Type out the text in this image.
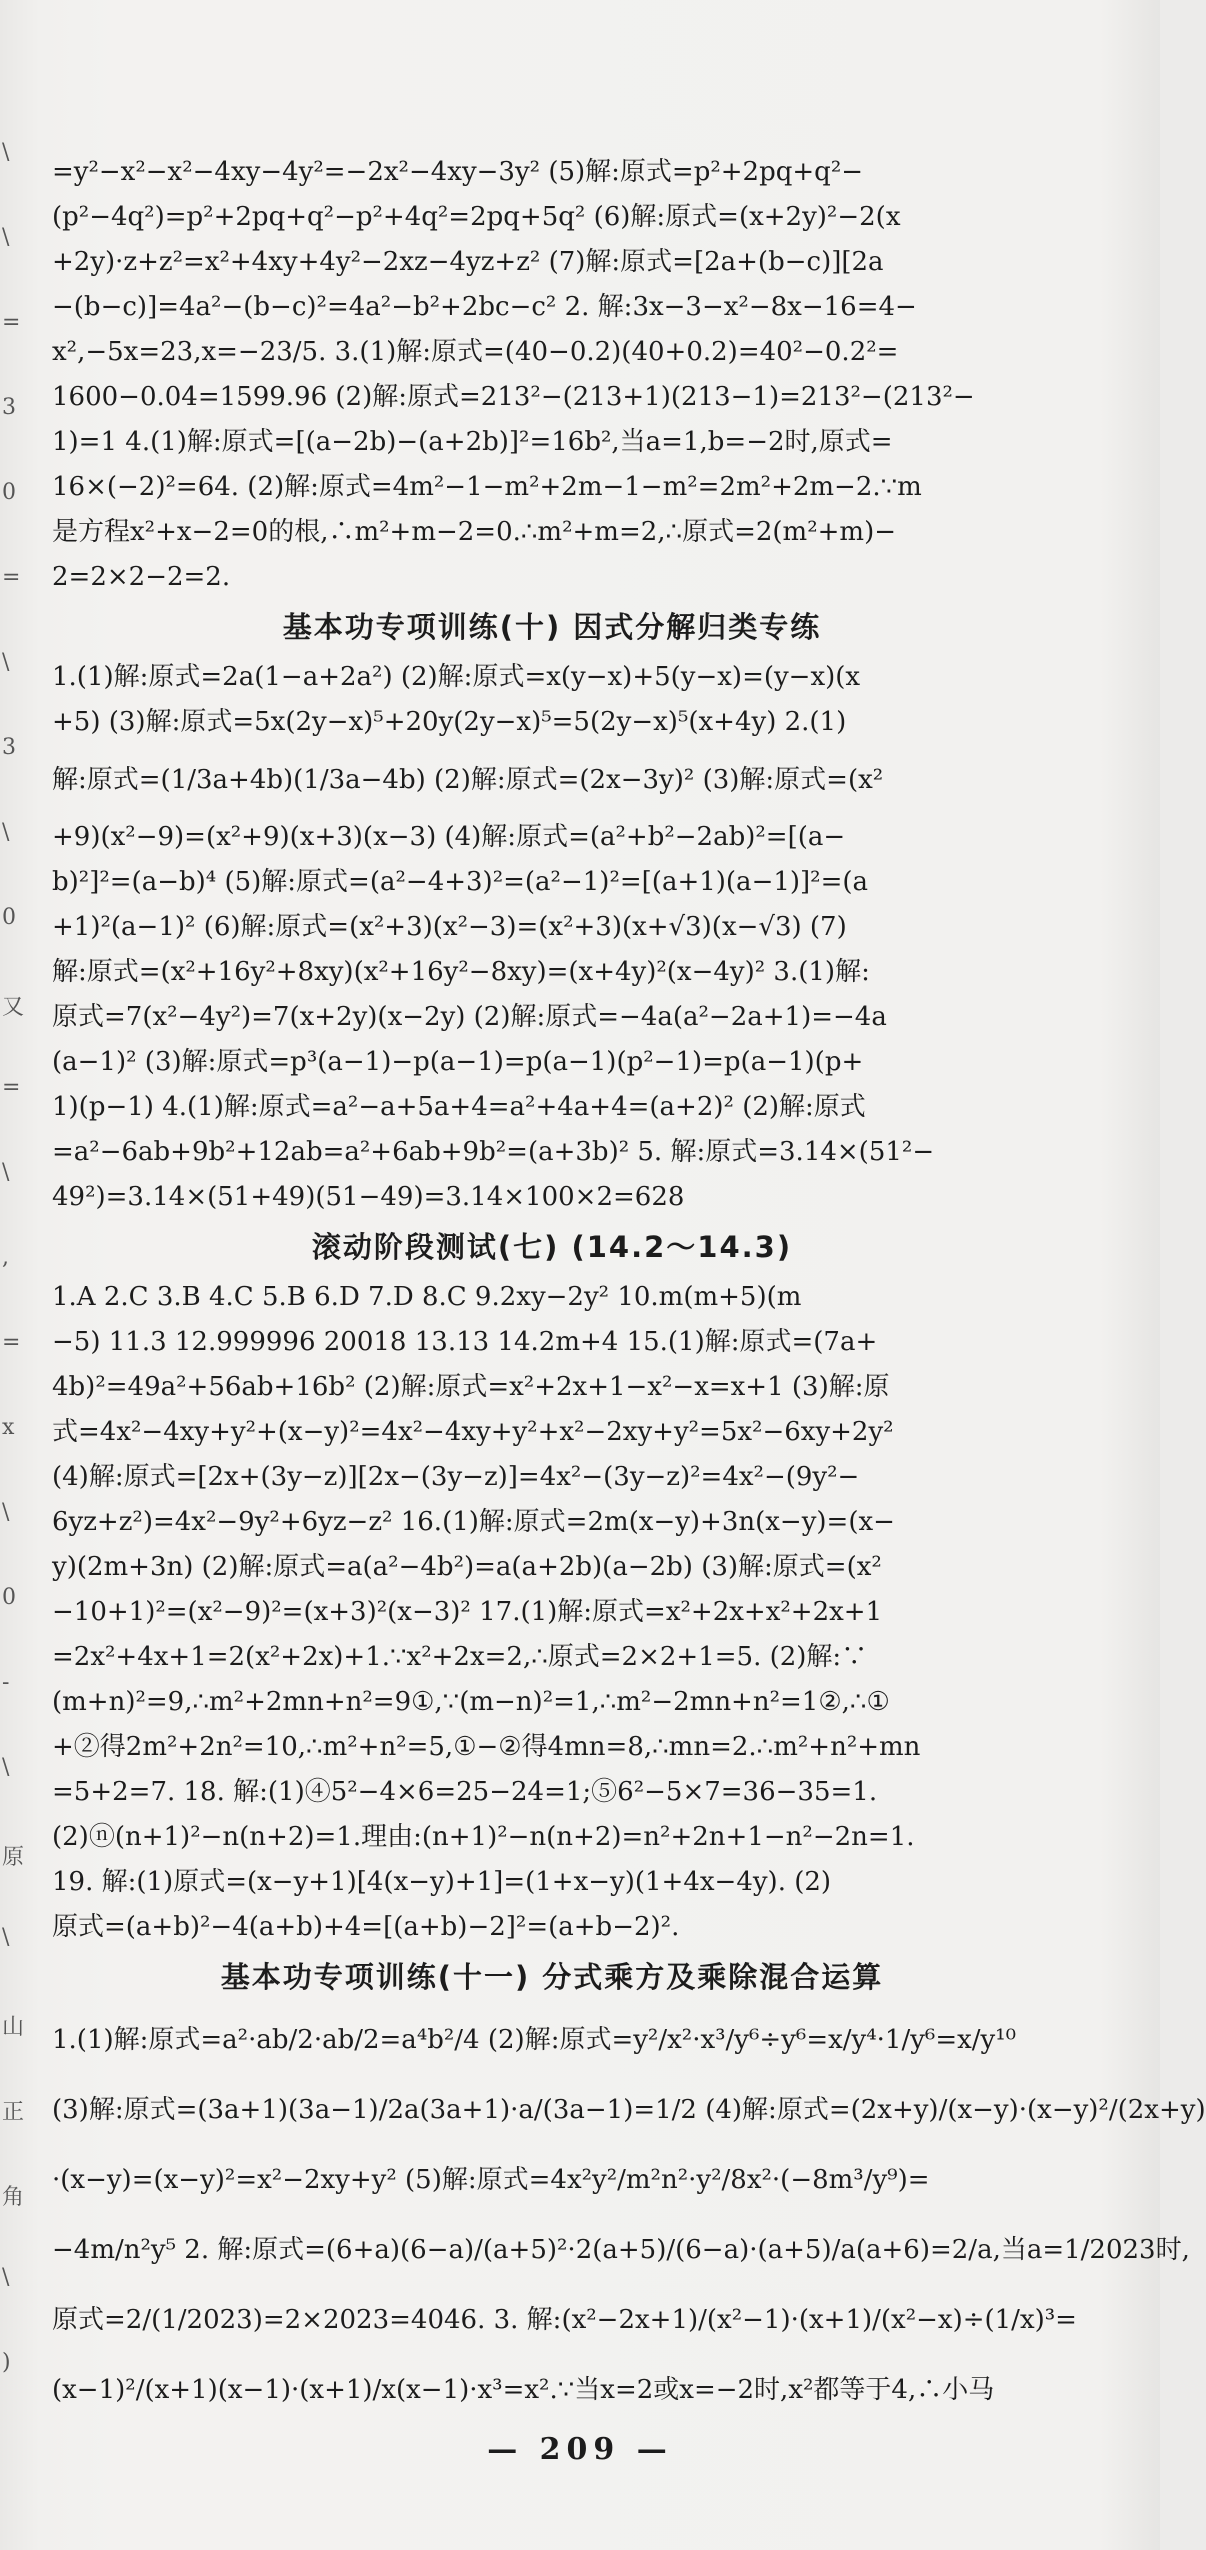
\
\
=
3
0
=
\
3
\
0
又
=
\
,
=
x
\
0
-
\
原
\
山
正
角
\
)
=y²−x²−x²−4xy−4y²=−2x²−4xy−3y² (5)解:原式=p²+2pq+q²−
(p²−4q²)=p²+2pq+q²−p²+4q²=2pq+5q² (6)解:原式=(x+2y)²−2(x
+2y)·z+z²=x²+4xy+4y²−2xz−4yz+z² (7)解:原式=[2a+(b−c)][2a
−(b−c)]=4a²−(b−c)²=4a²−b²+2bc−c² 2. 解:3x−3−x²−8x−16=4−
x²,−5x=23,x=−23/5. 3.(1)解:原式=(40−0.2)(40+0.2)=40²−0.2²=
1600−0.04=1599.96 (2)解:原式=213²−(213+1)(213−1)=213²−(213²−
1)=1 4.(1)解:原式=[(a−2b)−(a+2b)]²=16b²,当a=1,b=−2时,原式=
16×(−2)²=64. (2)解:原式=4m²−1−m²+2m−1−m²=2m²+2m−2.∵m
是方程x²+x−2=0的根,∴m²+m−2=0.∴m²+m=2,∴原式=2(m²+m)−
2=2×2−2=2.
基本功专项训练(十) 因式分解归类专练
1.(1)解:原式=2a(1−a+2a²) (2)解:原式=x(y−x)+5(y−x)=(y−x)(x
+5) (3)解:原式=5x(2y−x)⁵+20y(2y−x)⁵=5(2y−x)⁵(x+4y) 2.(1)
解:原式=(1/3a+4b)(1/3a−4b) (2)解:原式=(2x−3y)² (3)解:原式=(x²
+9)(x²−9)=(x²+9)(x+3)(x−3) (4)解:原式=(a²+b²−2ab)²=[(a−
b)²]²=(a−b)⁴ (5)解:原式=(a²−4+3)²=(a²−1)²=[(a+1)(a−1)]²=(a
+1)²(a−1)² (6)解:原式=(x²+3)(x²−3)=(x²+3)(x+√3)(x−√3) (7)
解:原式=(x²+16y²+8xy)(x²+16y²−8xy)=(x+4y)²(x−4y)² 3.(1)解:
原式=7(x²−4y²)=7(x+2y)(x−2y) (2)解:原式=−4a(a²−2a+1)=−4a
(a−1)² (3)解:原式=p³(a−1)−p(a−1)=p(a−1)(p²−1)=p(a−1)(p+
1)(p−1) 4.(1)解:原式=a²−a+5a+4=a²+4a+4=(a+2)² (2)解:原式
=a²−6ab+9b²+12ab=a²+6ab+9b²=(a+3b)² 5. 解:原式=3.14×(51²−
49²)=3.14×(51+49)(51−49)=3.14×100×2=628
滚动阶段测试(七) (14.2～14.3)
1.A 2.C 3.B 4.C 5.B 6.D 7.D 8.C 9.2xy−2y² 10.m(m+5)(m
−5) 11.3 12.999996 20018 13.13 14.2m+4 15.(1)解:原式=(7a+
4b)²=49a²+56ab+16b² (2)解:原式=x²+2x+1−x²−x=x+1 (3)解:原
式=4x²−4xy+y²+(x−y)²=4x²−4xy+y²+x²−2xy+y²=5x²−6xy+2y²
(4)解:原式=[2x+(3y−z)][2x−(3y−z)]=4x²−(3y−z)²=4x²−(9y²−
6yz+z²)=4x²−9y²+6yz−z² 16.(1)解:原式=2m(x−y)+3n(x−y)=(x−
y)(2m+3n) (2)解:原式=a(a²−4b²)=a(a+2b)(a−2b) (3)解:原式=(x²
−10+1)²=(x²−9)²=(x+3)²(x−3)² 17.(1)解:原式=x²+2x+x²+2x+1
=2x²+4x+1=2(x²+2x)+1.∵x²+2x=2,∴原式=2×2+1=5. (2)解:∵
(m+n)²=9,∴m²+2mn+n²=9①,∵(m−n)²=1,∴m²−2mn+n²=1②,∴①
+②得2m²+2n²=10,∴m²+n²=5,①−②得4mn=8,∴mn=2.∴m²+n²+mn
=5+2=7. 18. 解:(1)④5²−4×6=25−24=1;⑤6²−5×7=36−35=1.
(2)ⓝ(n+1)²−n(n+2)=1.理由:(n+1)²−n(n+2)=n²+2n+1−n²−2n=1.
19. 解:(1)原式=(x−y+1)[4(x−y)+1]=(1+x−y)(1+4x−4y). (2)
原式=(a+b)²−4(a+b)+4=[(a+b)−2]²=(a+b−2)².
基本功专项训练(十一) 分式乘方及乘除混合运算
1.(1)解:原式=a²·ab/2·ab/2=a⁴b²/4 (2)解:原式=y²/x²·x³/y⁶÷y⁶=x/y⁴·1/y⁶=x/y¹⁰
(3)解:原式=(3a+1)(3a−1)/2a(3a+1)·a/(3a−1)=1/2 (4)解:原式=(2x+y)/(x−y)·(x−y)²/(2x+y)
·(x−y)=(x−y)²=x²−2xy+y² (5)解:原式=4x²y²/m²n²·y²/8x²·(−8m³/y⁹)=
−4m/n²y⁵ 2. 解:原式=(6+a)(6−a)/(a+5)²·2(a+5)/(6−a)·(a+5)/a(a+6)=2/a,当a=1/2023时,
原式=2/(1/2023)=2×2023=4046. 3. 解:(x²−2x+1)/(x²−1)·(x+1)/(x²−x)÷(1/x)³=
(x−1)²/(x+1)(x−1)·(x+1)/x(x−1)·x³=x².∵当x=2或x=−2时,x²都等于4,∴小马
— 209 —
